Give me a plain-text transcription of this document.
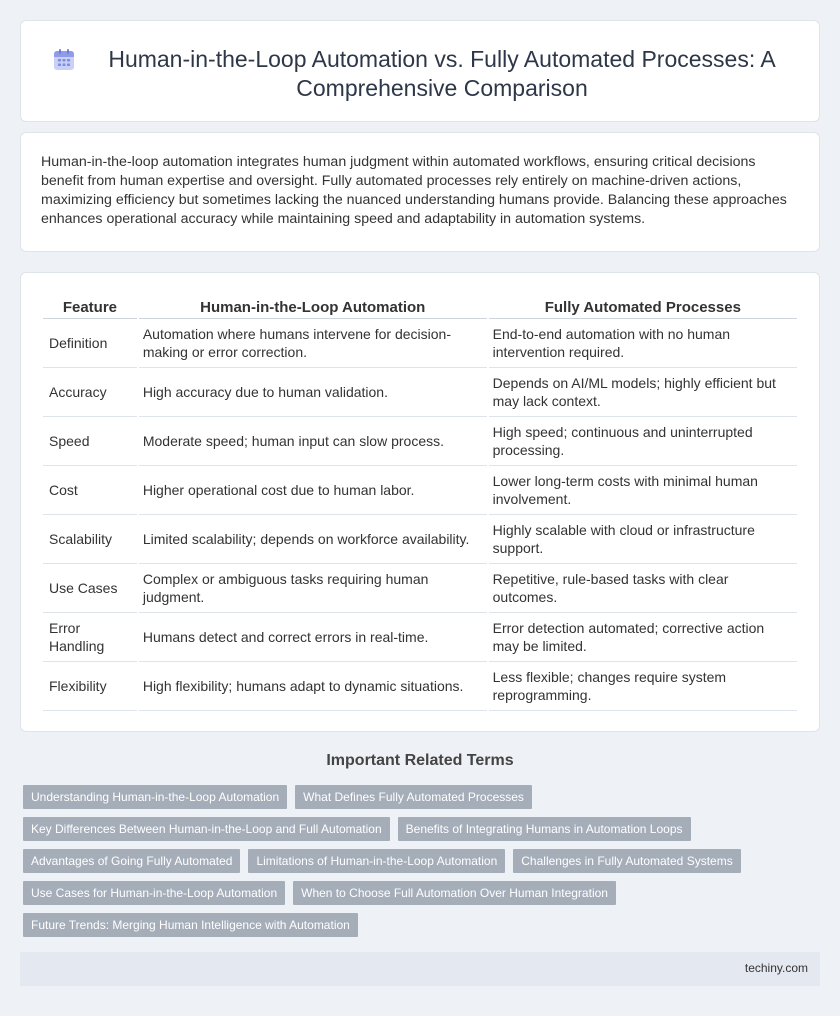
Human-in-the-Loop Automation vs. Fully Automated Processes: A Comprehensive Comparison

Human-in-the-loop automation integrates human judgment within automated workflows, ensuring critical decisions benefit from human expertise and oversight. Fully automated processes rely entirely on machine-driven actions, maximizing efficiency but sometimes lacking the nuanced understanding humans provide. Balancing these approaches enhances operational accuracy while maintaining speed and adaptability in automation systems.

Feature	Human-in-the-Loop Automation	Fully Automated Processes
Definition	Automation where humans intervene for decision-making or error correction.	End-to-end automation with no human intervention required.
Accuracy	High accuracy due to human validation.	Depends on AI/ML models; highly efficient but may lack context.
Speed	Moderate speed; human input can slow process.	High speed; continuous and uninterrupted processing.
Cost	Higher operational cost due to human labor.	Lower long-term costs with minimal human involvement.
Scalability	Limited scalability; depends on workforce availability.	Highly scalable with cloud or infrastructure support.
Use Cases	Complex or ambiguous tasks requiring human judgment.	Repetitive, rule-based tasks with clear outcomes.
Error Handling	Humans detect and correct errors in real-time.	Error detection automated; corrective action may be limited.
Flexibility	High flexibility; humans adapt to dynamic situations.	Less flexible; changes require system reprogramming.
Important Related Terms
Understanding Human-in-the-Loop Automation	What Defines Fully Automated Processes
Key Differences Between Human-in-the-Loop and Full Automation	Benefits of Integrating Humans in Automation Loops
Advantages of Going Fully Automated	Limitations of Human-in-the-Loop Automation	Challenges in Fully Automated Systems
Use Cases for Human-in-the-Loop Automation	When to Choose Full Automation Over Human Integration
Future Trends: Merging Human Intelligence with Automation
techiny.com
